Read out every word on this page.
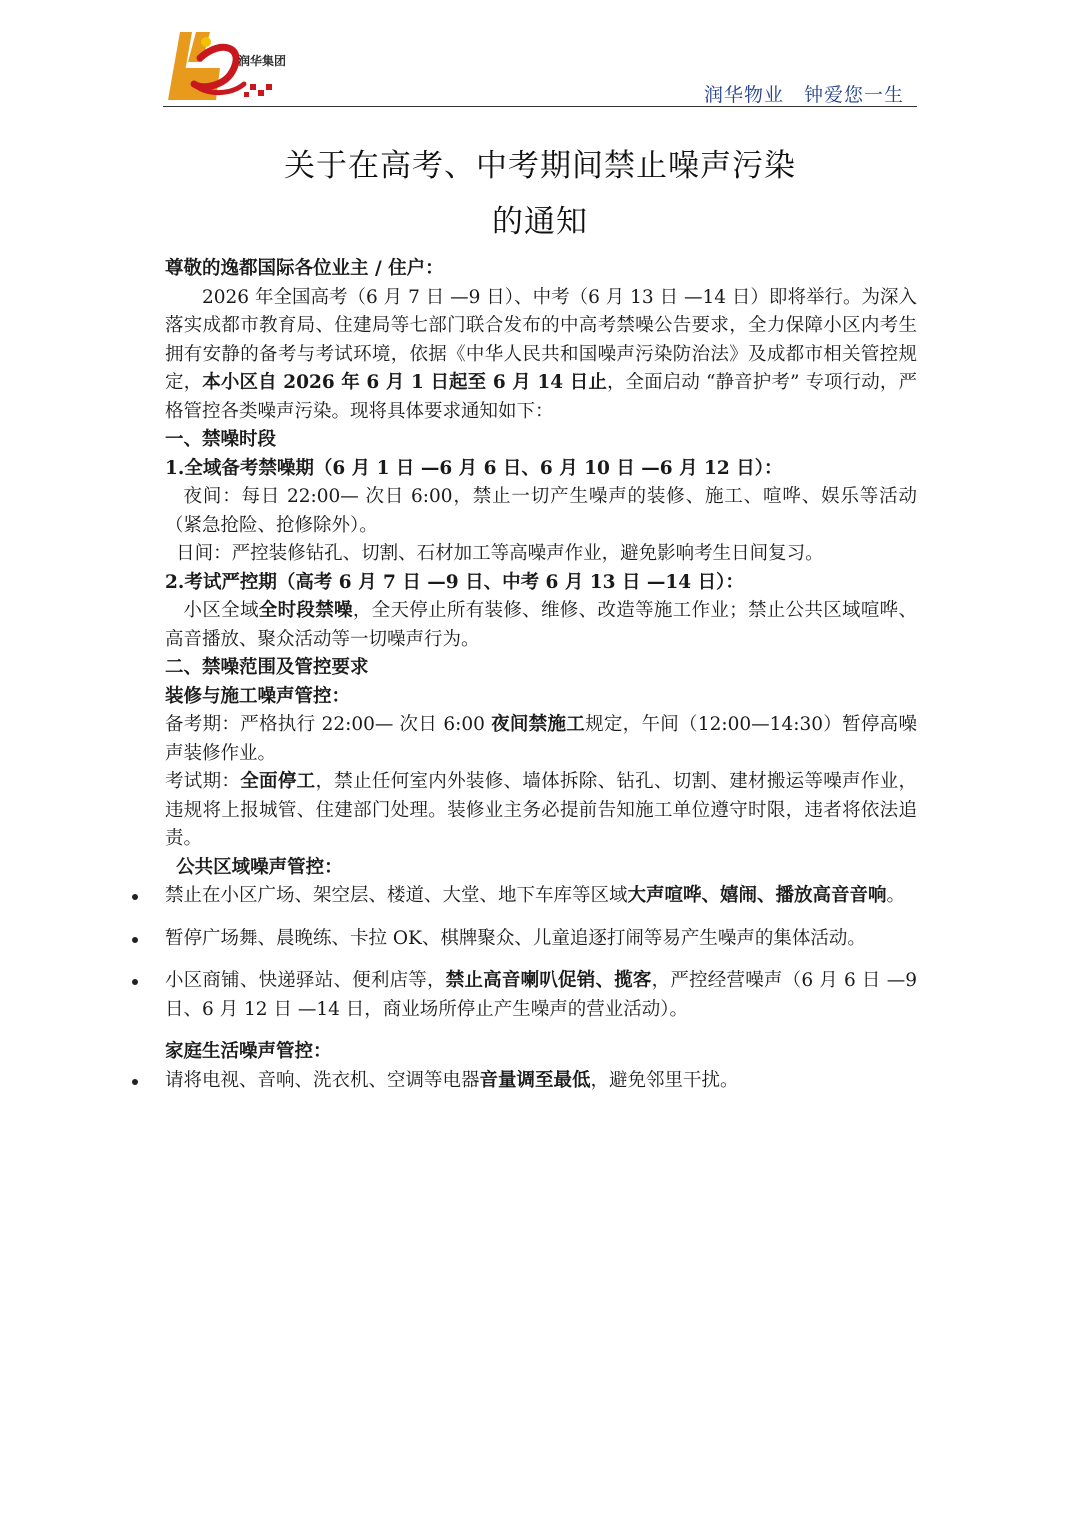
润华集团
润华物业　钟爱您一生
关于在高考、中考期间禁止噪声污染
的通知

尊敬的逸都国际各位业主 / 住户：

2026 年全国高考（6 月 7 日 —9 日）、中考（6 月 13 日 —14 日）即将举行。为深入落实成都市教育局、住建局等七部门联合发布的中高考禁噪公告要求，全力保障小区内考生拥有安静的备考与考试环境，依据《中华人民共和国噪声污染防治法》及成都市相关管控规定，本小区自 2026 年 6 月 1 日起至 6 月 14 日止，全面启动 “静音护考” 专项行动，严格管控各类噪声污染。现将具体要求通知如下：

一、禁噪时段

1.全域备考禁噪期（6 月 1 日 —6 月 6 日、6 月 10 日 —6 月 12 日）：

夜间：每日 22:00— 次日 6:00，禁止一切产生噪声的装修、施工、喧哗、娱乐等活动（紧急抢险、抢修除外）。

日间：严控装修钻孔、切割、石材加工等高噪声作业，避免影响考生日间复习。

2.考试严控期（高考 6 月 7 日 —9 日、中考 6 月 13 日 —14 日）：

小区全域全时段禁噪，全天停止所有装修、维修、改造等施工作业；禁止公共区域喧哗、高音播放、聚众活动等一切噪声行为。

二、禁噪范围及管控要求

装修与施工噪声管控：

备考期：严格执行 22:00— 次日 6:00 夜间禁施工规定，午间（12:00—14:30）暂停高噪声装修作业。

考试期：全面停工，禁止任何室内外装修、墙体拆除、钻孔、切割、建材搬运等噪声作业，违规将上报城管、住建部门处理。装修业主务必提前告知施工单位遵守时限，违者将依法追责。

公共区域噪声管控：

禁止在小区广场、架空层、楼道、大堂、地下车库等区域大声喧哗、嬉闹、播放高音音响。
暂停广场舞、晨晚练、卡拉 OK、棋牌聚众、儿童追逐打闹等易产生噪声的集体活动。
小区商铺、快递驿站、便利店等，禁止高音喇叭促销、揽客，严控经营噪声（6 月 6 日 —9 日、6 月 12 日 —14 日，商业场所停止产生噪声的营业活动）。

家庭生活噪声管控：

请将电视、音响、洗衣机、空调等电器音量调至最低，避免邻里干扰。
